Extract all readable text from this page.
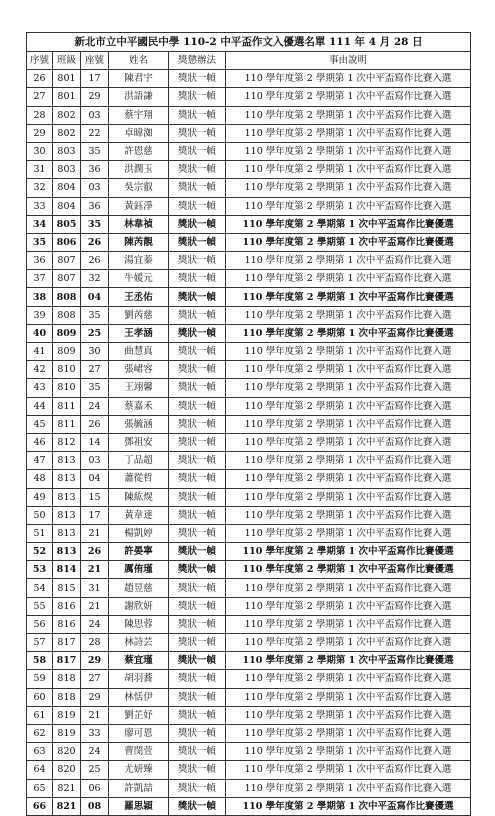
新北市立中平國民中學 110-2 中平盃作文入優選名單 111 年 4 月 28 日					
序號	班級	座號	姓名	獎懲辦法	事由說明
26	801	17	陳君宇	獎狀一幀	110 學年度第 2 學期第 1 次中平盃寫作比賽入選
27	801	29	洪語謙	獎狀一幀	110 學年度第 2 學期第 1 次中平盃寫作比賽入選
28	802	03	蔡宇翔	獎狀一幀	110 學年度第 2 學期第 1 次中平盃寫作比賽入選
29	802	22	卓暐洳	獎狀一幀	110 學年度第 2 學期第 1 次中平盃寫作比賽入選
30	803	35	許恩慈	獎狀一幀	110 學年度第 2 學期第 1 次中平盃寫作比賽入選
31	803	36	洪潤玉	獎狀一幀	110 學年度第 2 學期第 1 次中平盃寫作比賽入選
32	804	03	吳宗叡	獎狀一幀	110 學年度第 2 學期第 1 次中平盃寫作比賽入選
33	804	36	黃鈺淨	獎狀一幀	110 學年度第 2 學期第 1 次中平盃寫作比賽入選
34	805	35	林韋禎	獎狀一幀	110 學年度第 2 學期第 1 次中平盃寫作比賽優選
35	806	26	陳芮靚	獎狀一幀	110 學年度第 2 學期第 1 次中平盃寫作比賽優選
36	807	26	湯宜蓁	獎狀一幀	110 學年度第 2 學期第 1 次中平盃寫作比賽入選
37	807	32	牛媛元	獎狀一幀	110 學年度第 2 學期第 1 次中平盃寫作比賽入選
38	808	04	王丞佑	獎狀一幀	110 學年度第 2 學期第 1 次中平盃寫作比賽優選
39	808	35	劉芮慈	獎狀一幀	110 學年度第 2 學期第 1 次中平盃寫作比賽入選
40	809	25	王孝涵	獎狀一幀	110 學年度第 2 學期第 1 次中平盃寫作比賽優選
41	809	30	曲慧真	獎狀一幀	110 學年度第 2 學期第 1 次中平盃寫作比賽入選
42	810	27	張峮容	獎狀一幀	110 學年度第 2 學期第 1 次中平盃寫作比賽入選
43	810	35	王翊馨	獎狀一幀	110 學年度第 2 學期第 1 次中平盃寫作比賽入選
44	811	24	蔡嘉禾	獎狀一幀	110 學年度第 2 學期第 1 次中平盃寫作比賽入選
45	811	26	張毓涵	獎狀一幀	110 學年度第 2 學期第 1 次中平盃寫作比賽入選
46	812	14	鄧祖安	獎狀一幀	110 學年度第 2 學期第 1 次中平盃寫作比賽入選
47	813	03	丁品超	獎狀一幀	110 學年度第 2 學期第 1 次中平盃寫作比賽入選
48	813	04	蕭從哲	獎狀一幀	110 學年度第 2 學期第 1 次中平盃寫作比賽入選
49	813	15	陳紘熀	獎狀一幀	110 學年度第 2 學期第 1 次中平盃寫作比賽入選
50	813	17	黃韋達	獎狀一幀	110 學年度第 2 學期第 1 次中平盃寫作比賽入選
51	813	21	楊凱婷	獎狀一幀	110 學年度第 2 學期第 1 次中平盃寫作比賽入選
52	813	26	許晏寧	獎狀一幀	110 學年度第 2 學期第 1 次中平盃寫作比賽優選
53	814	21	厲侑瑾	獎狀一幀	110 學年度第 2 學期第 1 次中平盃寫作比賽優選
54	815	31	趙昱慈	獎狀一幀	110 學年度第 2 學期第 1 次中平盃寫作比賽入選
55	816	21	謝欣妍	獎狀一幀	110 學年度第 2 學期第 1 次中平盃寫作比賽入選
56	816	24	陳思蓉	獎狀一幀	110 學年度第 2 學期第 1 次中平盃寫作比賽入選
57	817	28	林詩芸	獎狀一幀	110 學年度第 2 學期第 1 次中平盃寫作比賽入選
58	817	29	蔡宜瑾	獎狀一幀	110 學年度第 2 學期第 1 次中平盃寫作比賽優選
59	818	27	胡羽蕎	獎狀一幀	110 學年度第 2 學期第 1 次中平盃寫作比賽入選
60	818	29	林恬伊	獎狀一幀	110 學年度第 2 學期第 1 次中平盃寫作比賽入選
61	819	21	劉芷妤	獎狀一幀	110 學年度第 2 學期第 1 次中平盃寫作比賽入選
62	819	33	廖可恩	獎狀一幀	110 學年度第 2 學期第 1 次中平盃寫作比賽入選
63	820	24	曹閔萱	獎狀一幀	110 學年度第 2 學期第 1 次中平盃寫作比賽入選
64	820	25	尤妍臻	獎狀一幀	110 學年度第 2 學期第 1 次中平盃寫作比賽入選
65	821	06	許凱喆	獎狀一幀	110 學年度第 2 學期第 1 次中平盃寫作比賽入選
66	821	08	羅思穎	獎狀一幀	110 學年度第 2 學期第 1 次中平盃寫作比賽優選
